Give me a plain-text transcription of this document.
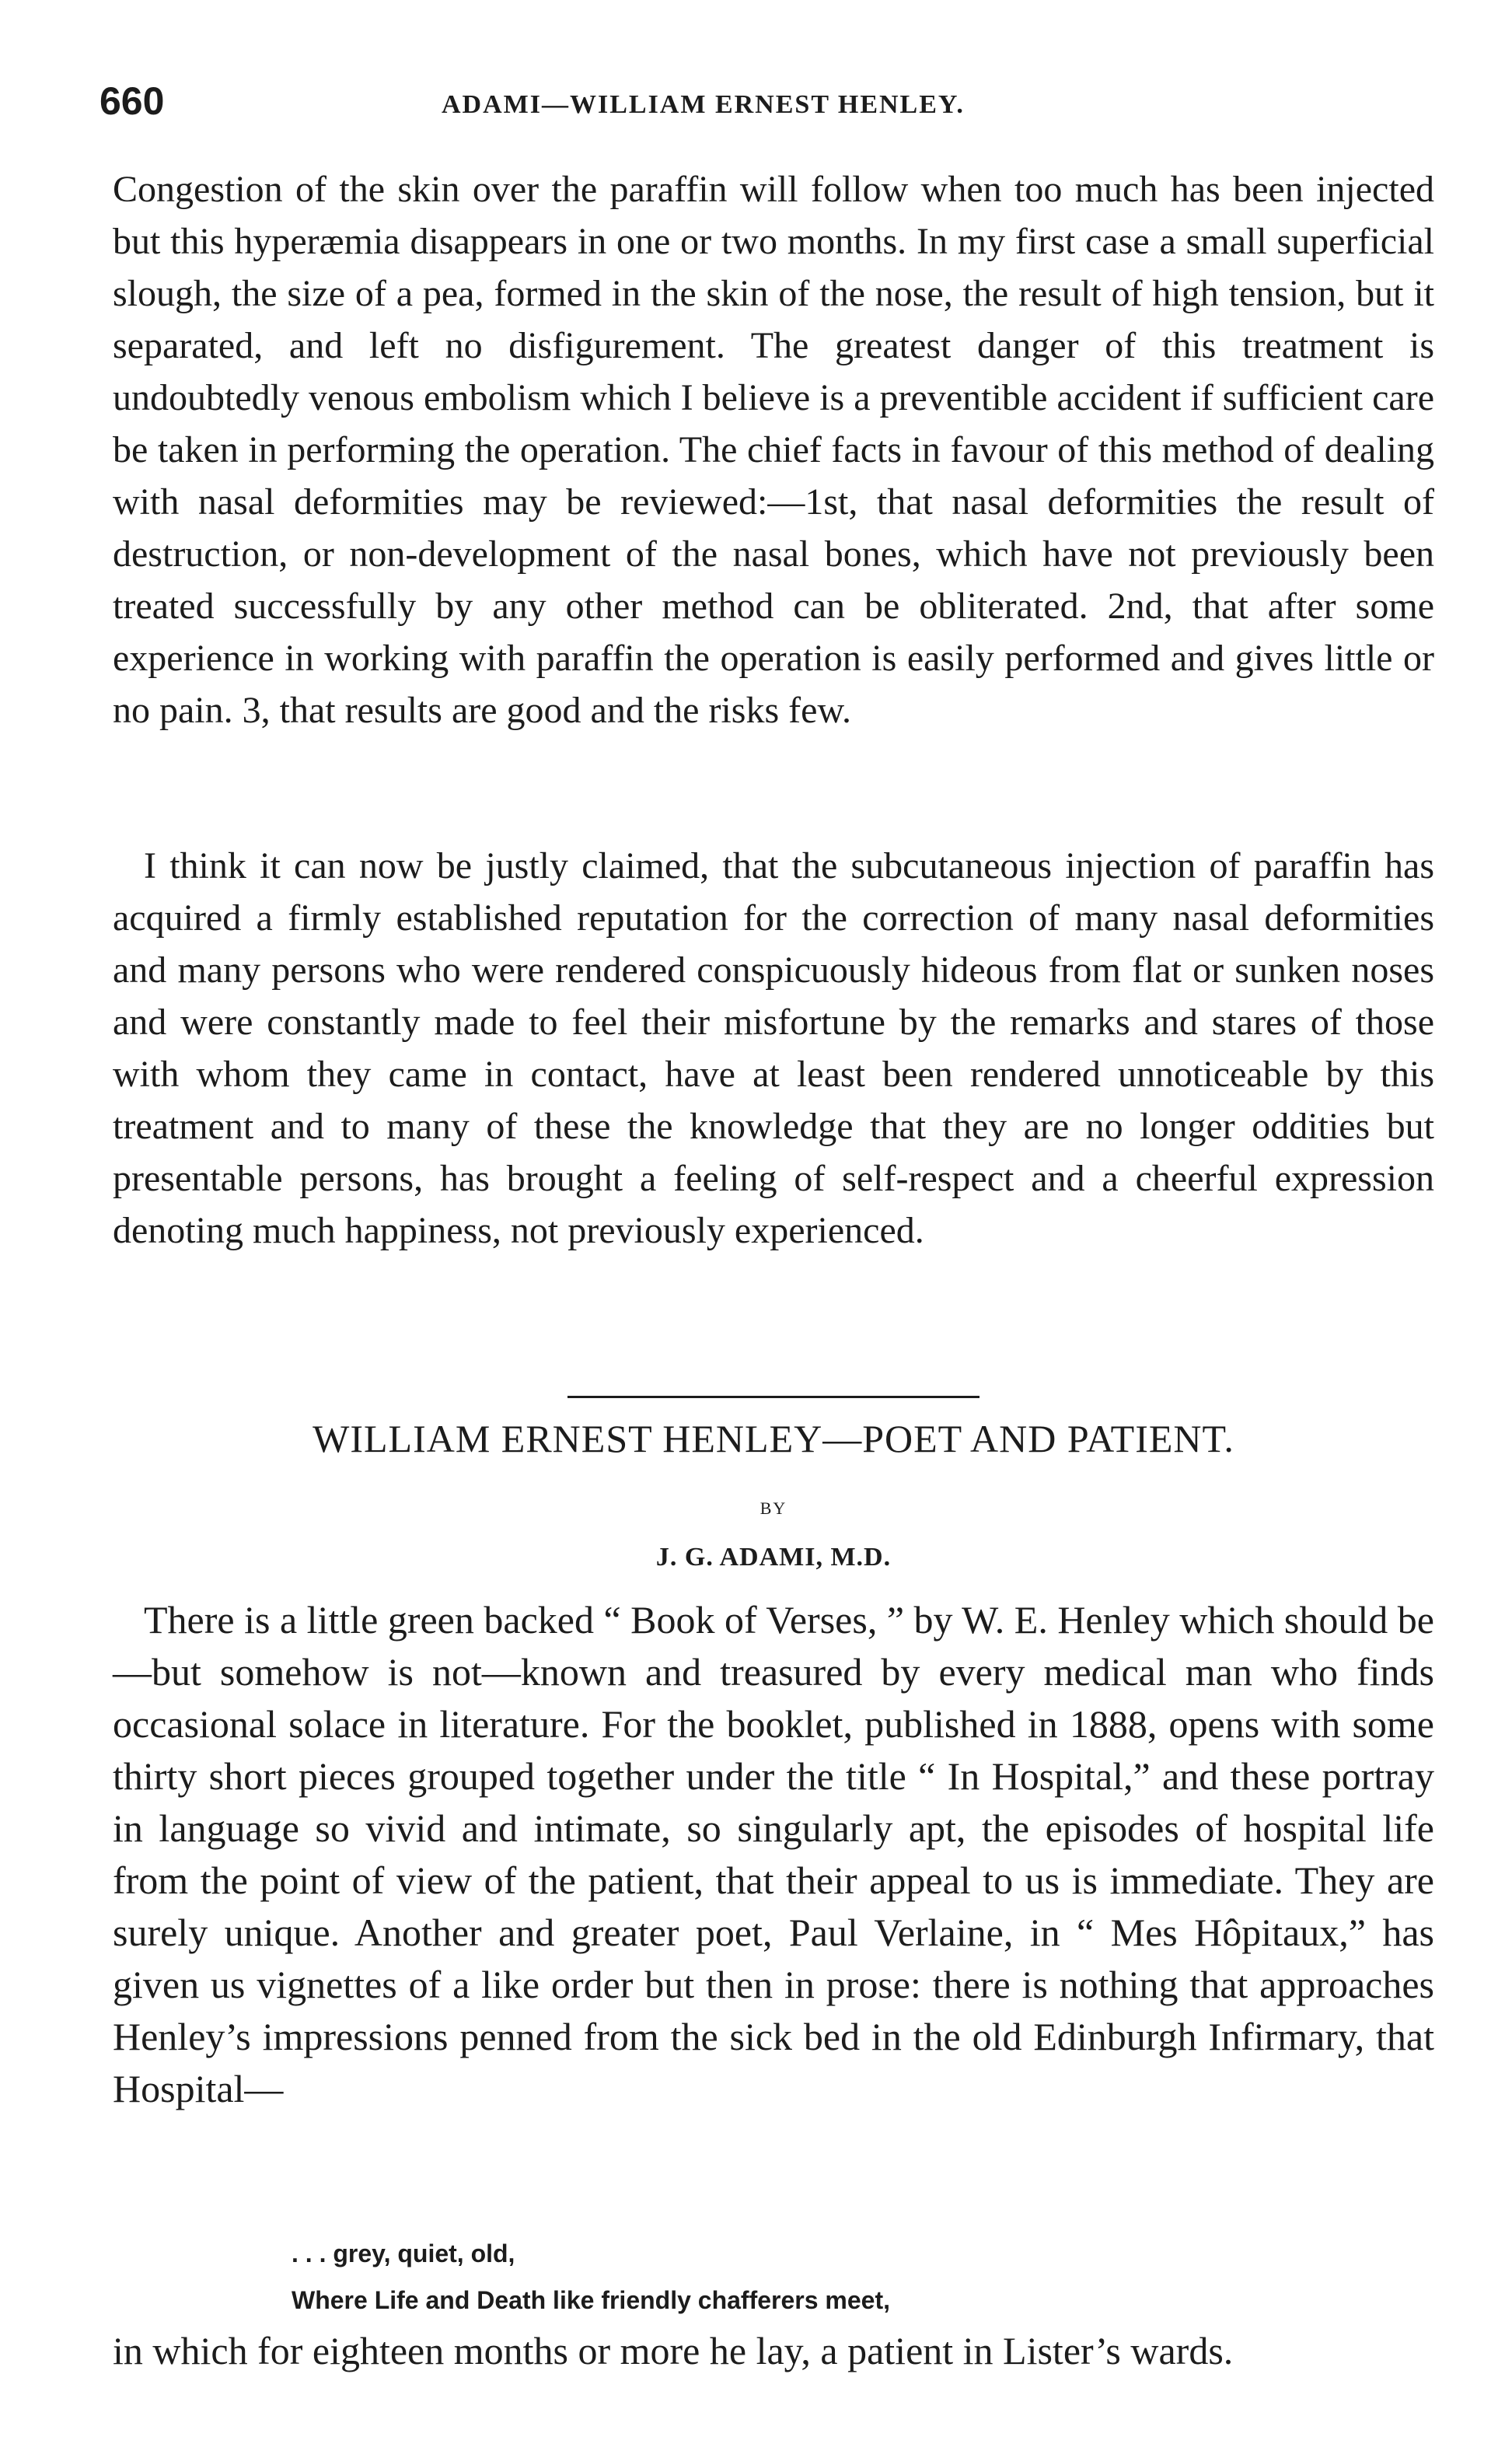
660	ADAMI—WILLIAM ERNEST HENLEY.

Congestion of the skin over the paraffin will follow when too much has been injected but this hyperæmia disappears in one or two months. In my first case a small superficial slough, the size of a pea, formed in the skin of the nose, the result of high tension, but it separated, and left no disfigurement. The greatest danger of this treatment is undoubtedly venous embolism which I believe is a preventible accident if sufficient care be taken in performing the operation. The chief facts in favour of this method of dealing with nasal deformities may be reviewed:—1st, that nasal deformities the result of destruction, or non-development of the nasal bones, which have not previously been treated successfully by any other method can be obliterated. 2nd, that after some experience in working with paraffin the operation is easily performed and gives little or no pain. 3, that results are good and the risks few.

I think it can now be justly claimed, that the subcutaneous injection of paraffin has acquired a firmly established reputation for the correction of many nasal deformities and many persons who were rendered conspicuously hideous from flat or sunken noses and were constantly made to feel their misfortune by the remarks and stares of those with whom they came in contact, have at least been rendered unnoticeable by this treatment and to many of these the knowledge that they are no longer oddities but presentable persons, has brought a feeling of self-respect and a cheerful expression denoting much happiness, not previously experienced.

WILLIAM ERNEST HENLEY—POET AND PATIENT.
BY
J. G. ADAMI, M.D.

There is a little green backed “ Book of Verses, ” by W. E. Henley which should be—but somehow is not—known and treasured by every medical man who finds occasional solace in literature. For the booklet, published in 1888, opens with some thirty short pieces grouped together under the title “ In Hospital,” and these portray in language so vivid and intimate, so singularly apt, the episodes of hospital life from the point of view of the patient, that their appeal to us is immediate. They are surely unique. Another and greater poet, Paul Verlaine, in “ Mes Hôpitaux,” has given us vignettes of a like order but then in prose: there is nothing that approaches Henley’s impressions penned from the sick bed in the old Edinburgh Infirmary, that Hospital—

. . . grey, quiet, old,
Where Life and Death like friendly chafferers meet,

in which for eighteen months or more he lay, a patient in Lister’s wards.
